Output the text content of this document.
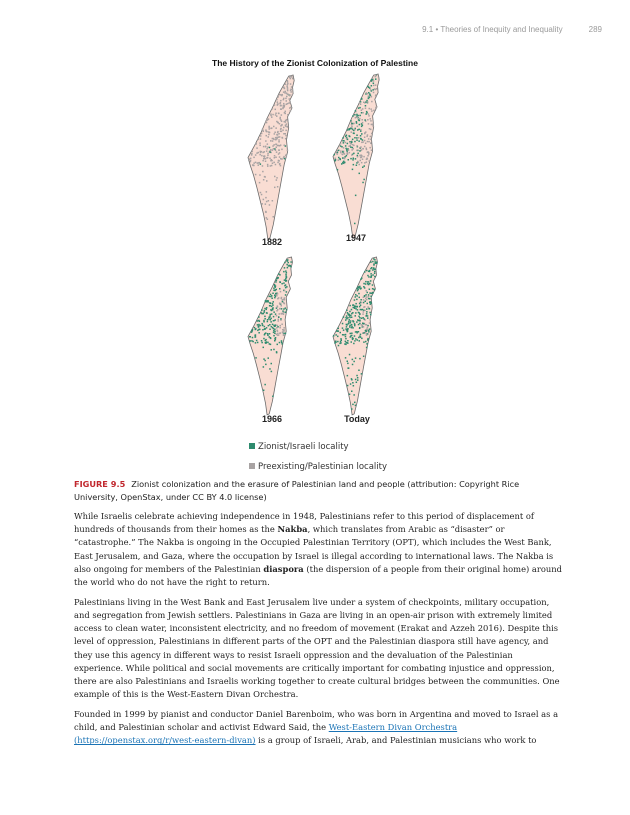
9.1 • Theories of Inequity and Inequality	289
The History of the Zionist Colonization of Palestine
1882	1947
1966	Today
Zionist/Israeli locality
Preexisting/Palestinian locality
FIGURE 9.5 Zionist colonization and the erasure of Palestinian land and people (attribution: Copyright Rice University, OpenStax, under CC BY 4.0 license)

While Israelis celebrate achieving independence in 1948, Palestinians refer to this period of displacement of hundreds of thousands from their homes as the Nakba, which translates from Arabic as “disaster” or “catastrophe.” The Nakba is ongoing in the Occupied Palestinian Territory (OPT), which includes the West Bank, East Jerusalem, and Gaza, where the occupation by Israel is illegal according to international laws. The Nakba is also ongoing for members of the Palestinian diaspora (the dispersion of a people from their original home) around the world who do not have the right to return.

Palestinians living in the West Bank and East Jerusalem live under a system of checkpoints, military occupation, and segregation from Jewish settlers. Palestinians in Gaza are living in an open-air prison with extremely limited access to clean water, inconsistent electricity, and no freedom of movement (Erakat and Azzeh 2016). Despite this level of oppression, Palestinians in different parts of the OPT and the Palestinian diaspora still have agency, and they use this agency in different ways to resist Israeli oppression and the devaluation of the Palestinian experience. While political and social movements are critically important for combating injustice and oppression, there are also Palestinians and Israelis working together to create cultural bridges between the communities. One example of this is the West-Eastern Divan Orchestra.

Founded in 1999 by pianist and conductor Daniel Barenboim, who was born in Argentina and moved to Israel as a child, and Palestinian scholar and activist Edward Said, the West-Eastern Divan Orchestra (https://openstax.org/r/west-eastern-divan) is a group of Israeli, Arab, and Palestinian musicians who work to
